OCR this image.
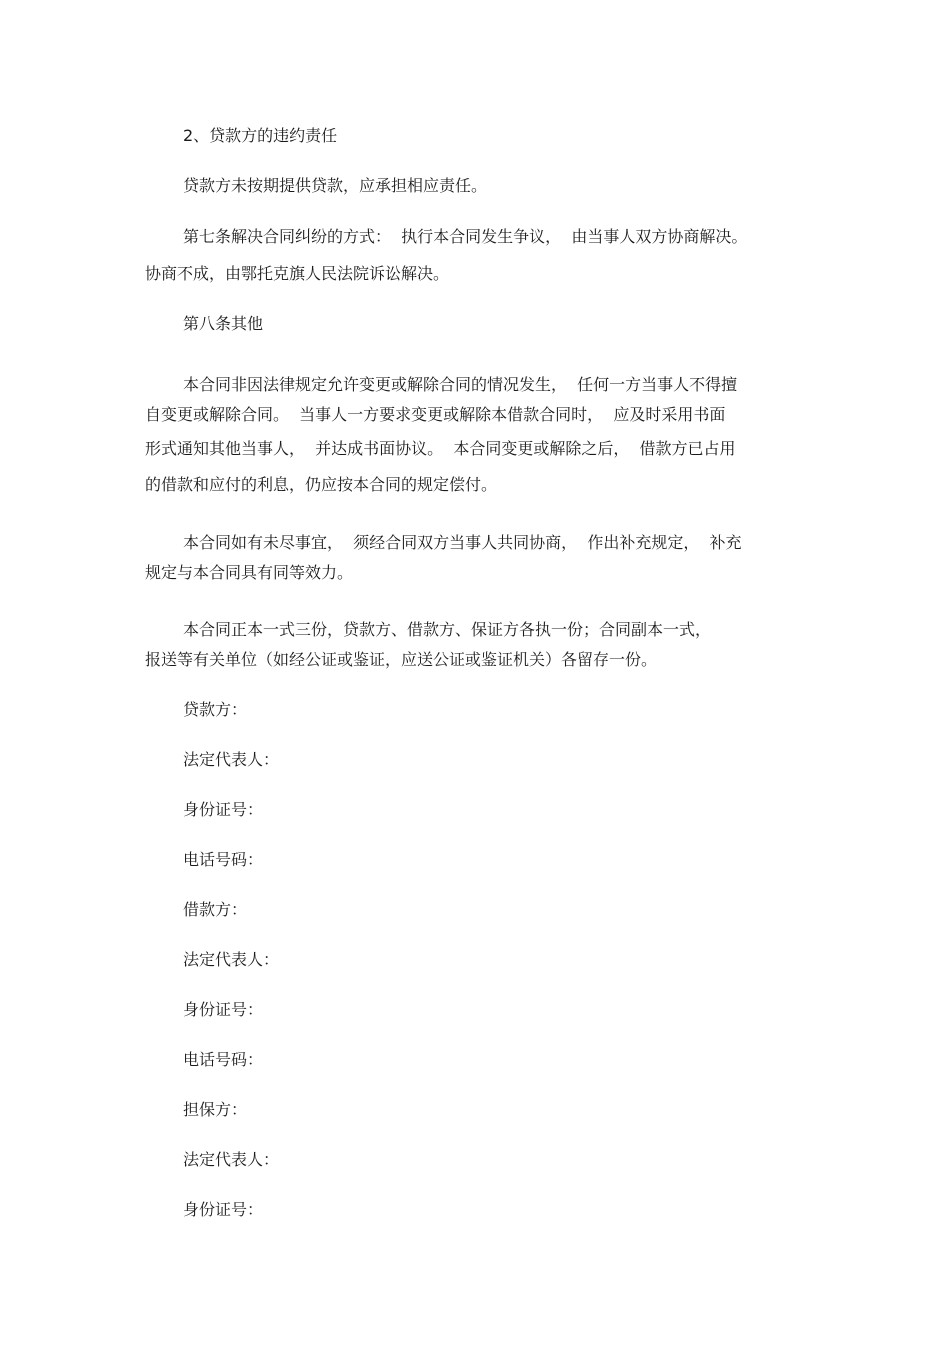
2、贷款方的违约责任

贷款方未按期提供贷款，应承担相应责任。

第七条解决合同纠纷的方式：  执行本合同发生争议，  由当事人双方协商解决。

协商不成，由鄂托克旗人民法院诉讼解决。

第八条其他

本合同非因法律规定允许变更或解除合同的情况发生，  任何一方当事人不得擅

自变更或解除合同。  当事人一方要求变更或解除本借款合同时，  应及时采用书面

形式通知其他当事人，  并达成书面协议。  本合同变更或解除之后，  借款方已占用

的借款和应付的利息，仍应按本合同的规定偿付。

本合同如有未尽事宜，  须经合同双方当事人共同协商，  作出补充规定，  补充

规定与本合同具有同等效力。

本合同正本一式三份，贷款方、借款方、保证方各执一份；合同副本一式，

报送等有关单位（如经公证或鉴证，应送公证或鉴证机关）各留存一份。

贷款方：

法定代表人：

身份证号：

电话号码：

借款方：

法定代表人：

身份证号：

电话号码：

担保方：

法定代表人：

身份证号：
